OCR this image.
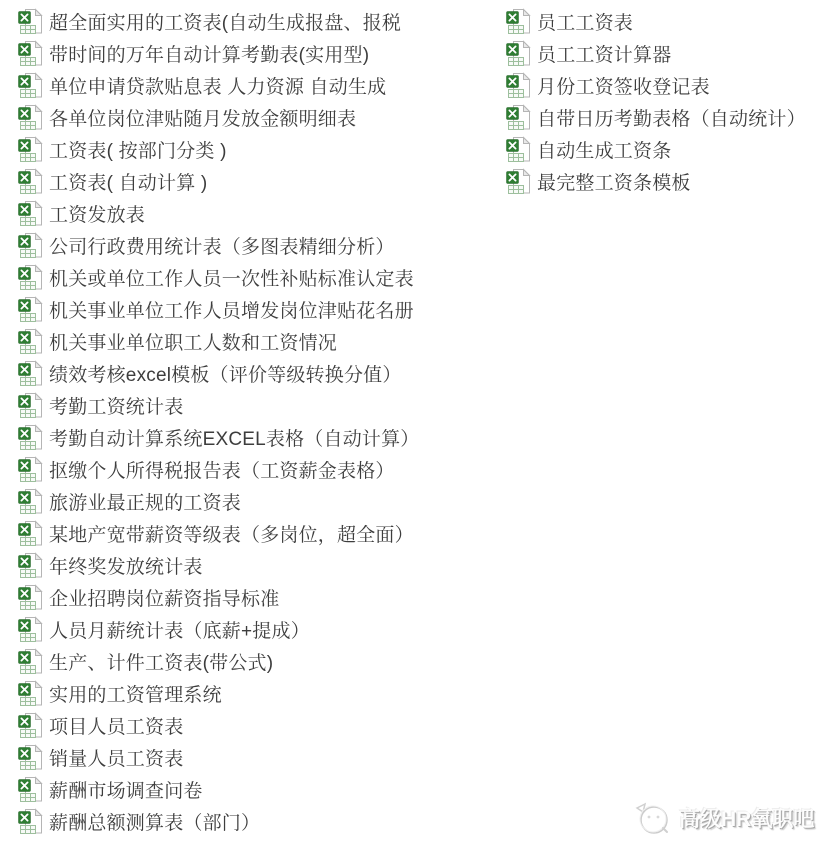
超全面实用的工资表(自动生成报盘、报税
带时间的万年自动计算考勤表(实用型)
单位申请贷款贴息表 人力资源 自动生成
各单位岗位津贴随月发放金额明细表
工资表( 按部门分类 )
工资表( 自动计算 )
工资发放表
公司行政费用统计表（多图表精细分析）
机关或单位工作人员一次性补贴标准认定表
机关事业单位工作人员增发岗位津贴花名册
机关事业单位职工人数和工资情况
绩效考核excel模板（评价等级转换分值）
考勤工资统计表
考勤自动计算系统EXCEL表格（自动计算）
抠缴个人所得税报告表（工资薪金表格）
旅游业最正规的工资表
某地产宽带薪资等级表（多岗位，超全面）
年终奖发放统计表
企业招聘岗位薪资指导标准
人员月薪统计表（底薪+提成）
生产、计件工资表(带公式)
实用的工资管理系统
项目人员工资表
销量人员工资表
薪酬市场调查问卷
薪酬总额测算表（部门）
员工工资表
员工工资计算器
月份工资签收登记表
自带日历考勤表格（自动统计）
自动生成工资条
最完整工资条模板
高级HR氧职吧
